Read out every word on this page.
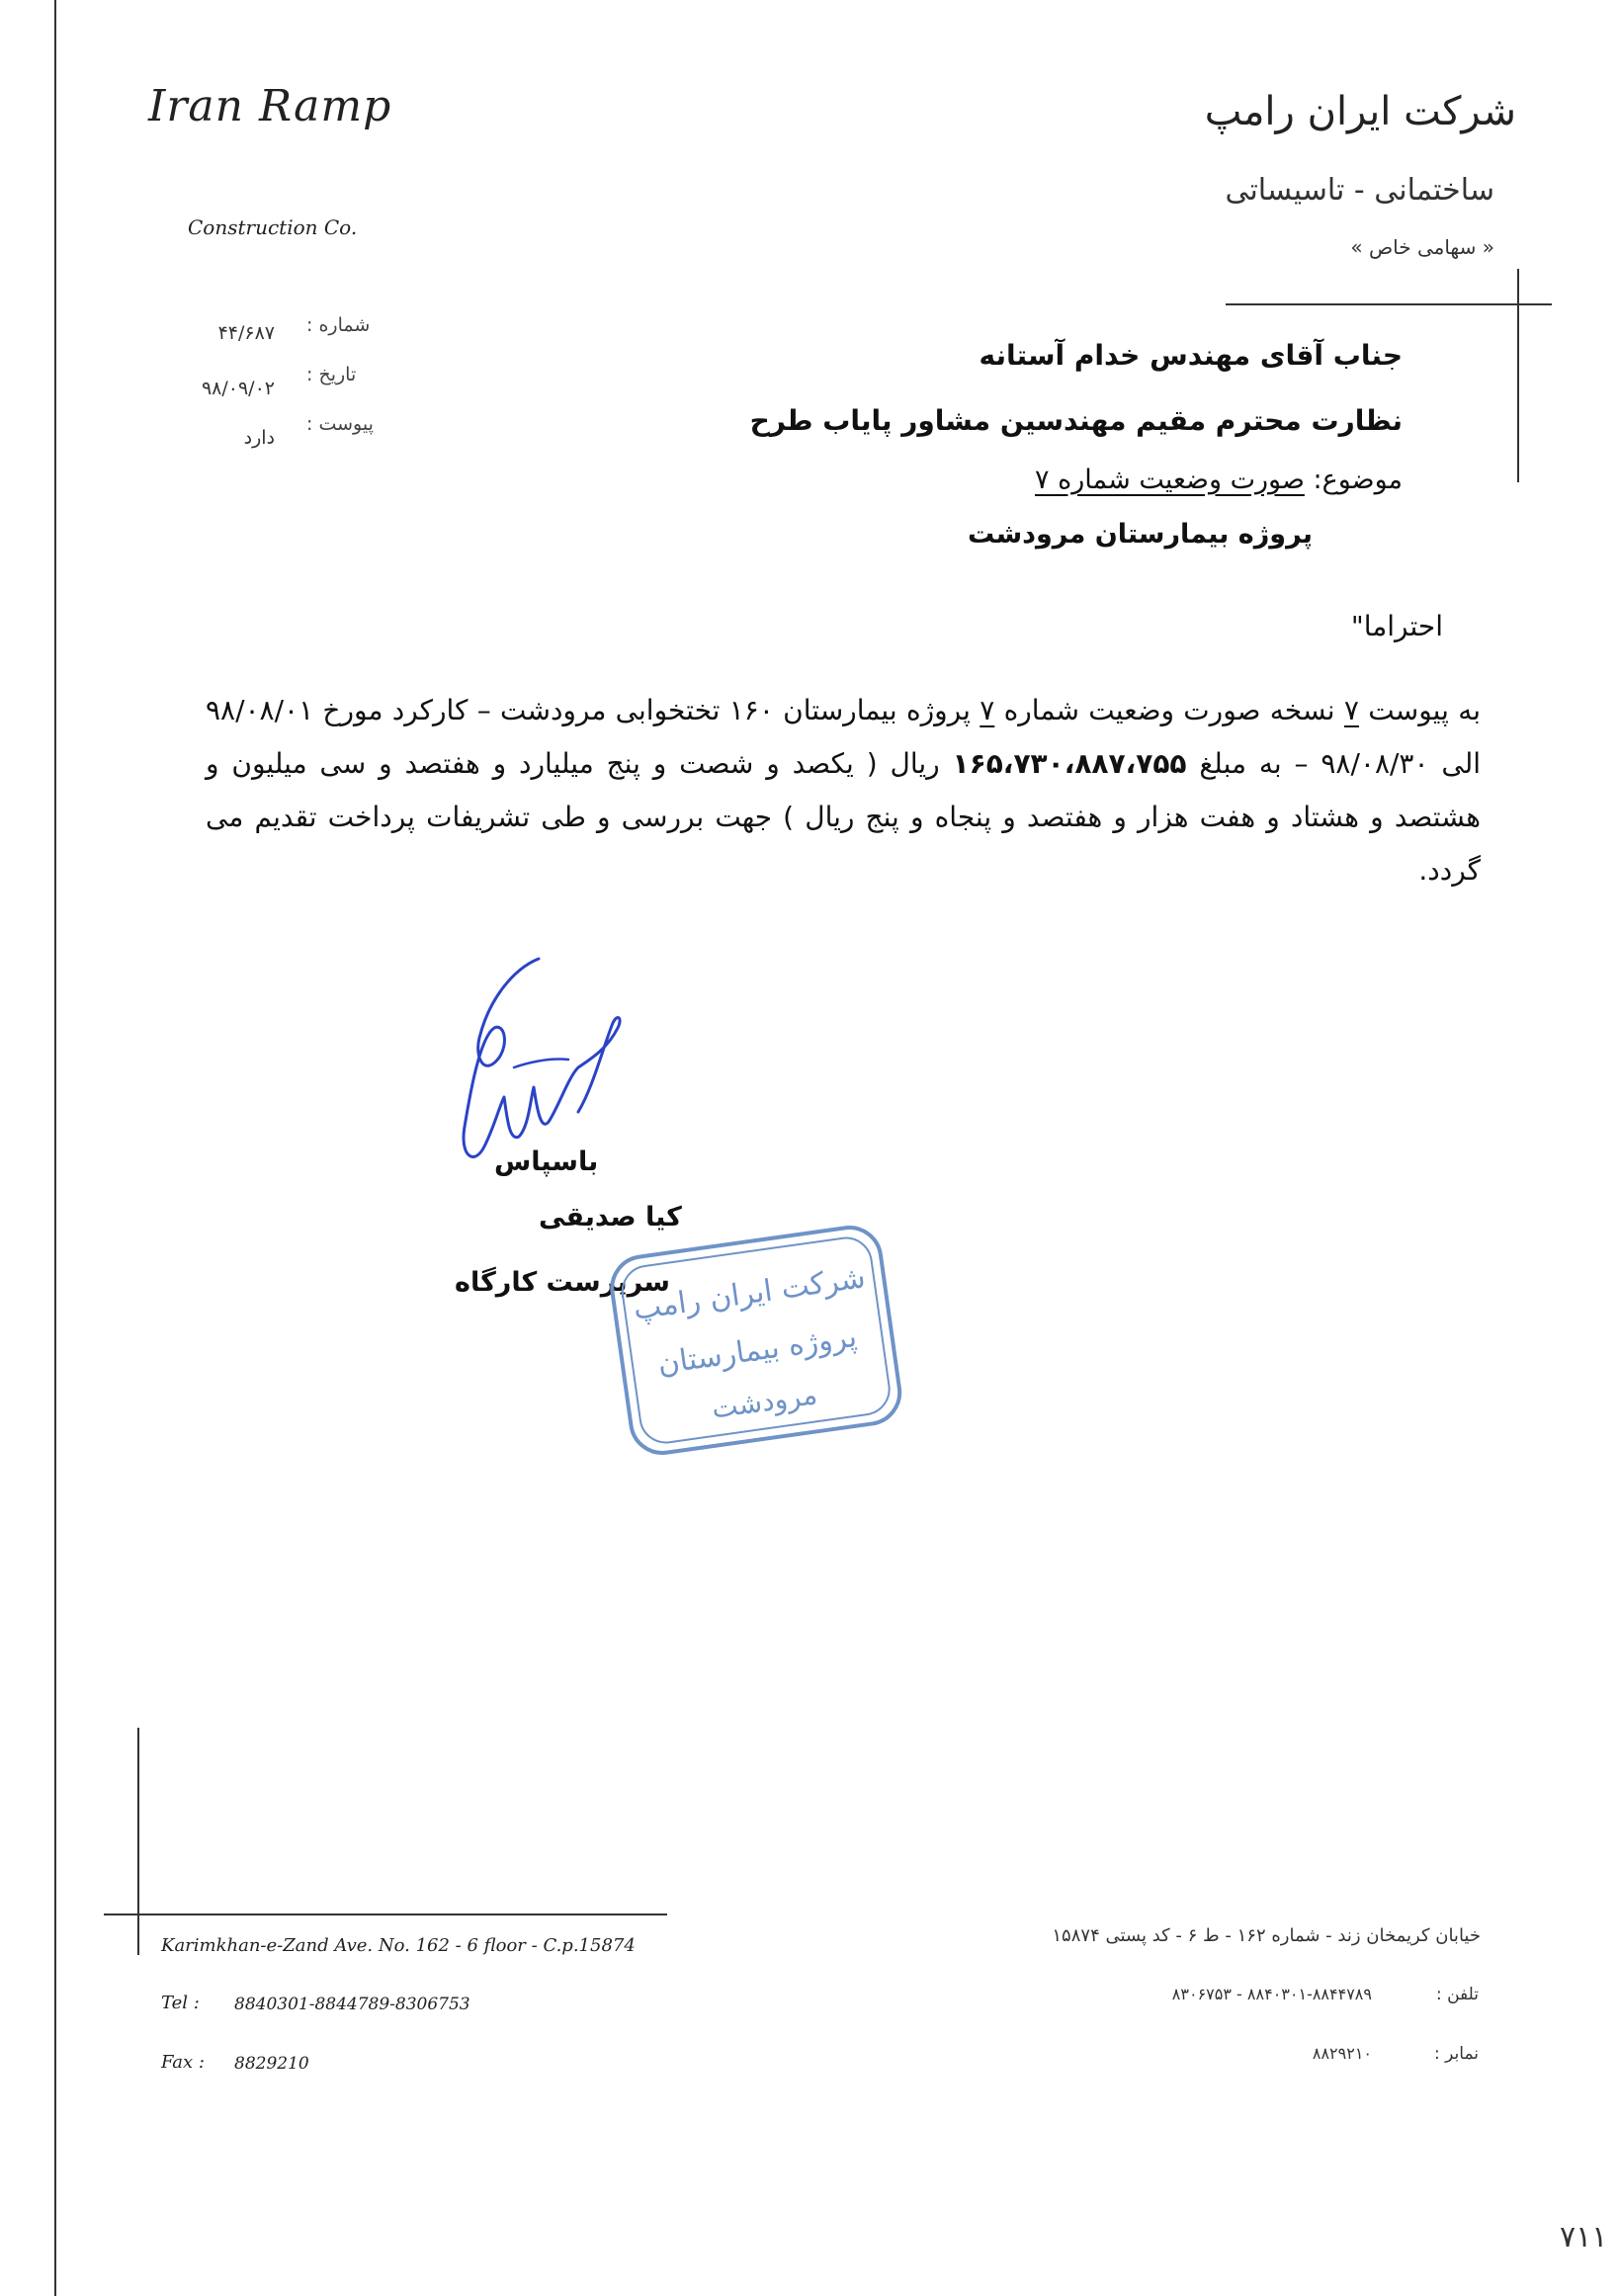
Iran Ramp
Construction Co.
شرکت ایران رامپ
ساختمانی - تاسیساتی
« سهامی خاص »
شماره :
۴۴/۶۸۷
تاریخ :
۹۸/۰۹/۰۲
پیوست :
دارد
جناب آقای مهندس خدام آستانه
نظارت محترم مقیم مهندسین مشاور پایاب طرح
موضوع: صورت وضعیت شماره ۷
پروژه بیمارستان مرودشت
احتراما"
به پیوست ۷ نسخه صورت وضعیت شماره ۷ پروژه بیمارستان ۱۶۰ تختخوابی مرودشت – کارکرد مورخ ۹۸/۰۸/۰۱ الی ۹۸/۰۸/۳۰ – به مبلغ ۱۶۵،۷۳۰،۸۸۷،۷۵۵ ریال ( یکصد و شصت و پنج میلیارد و هفتصد و سی میلیون و هشتصد و هشتاد و هفت هزار و هفتصد و پنجاه و پنج ریال ) جهت بررسی و طی تشریفات پرداخت تقدیم می گردد.
باسپاس
کیا صدیقی
سرپرست کارگاه
شرکت ایران رامپ
پروژه بیمارستان
مرودشت
Karimkhan-e-Zand Ave. No. 162 - 6 floor - C.p.15874
Tel : 8840301-8844789-8306753
Fax : 8829210
خیابان کریمخان زند - شماره ۱۶۲ - ط ۶ - کد پستی ۱۵۸۷۴
تلفن :
۸۸۴۰۳۰۱-۸۸۴۴۷۸۹ - ۸۳۰۶۷۵۳
نمابر :
۸۸۲۹۲۱۰
۷۱۱
